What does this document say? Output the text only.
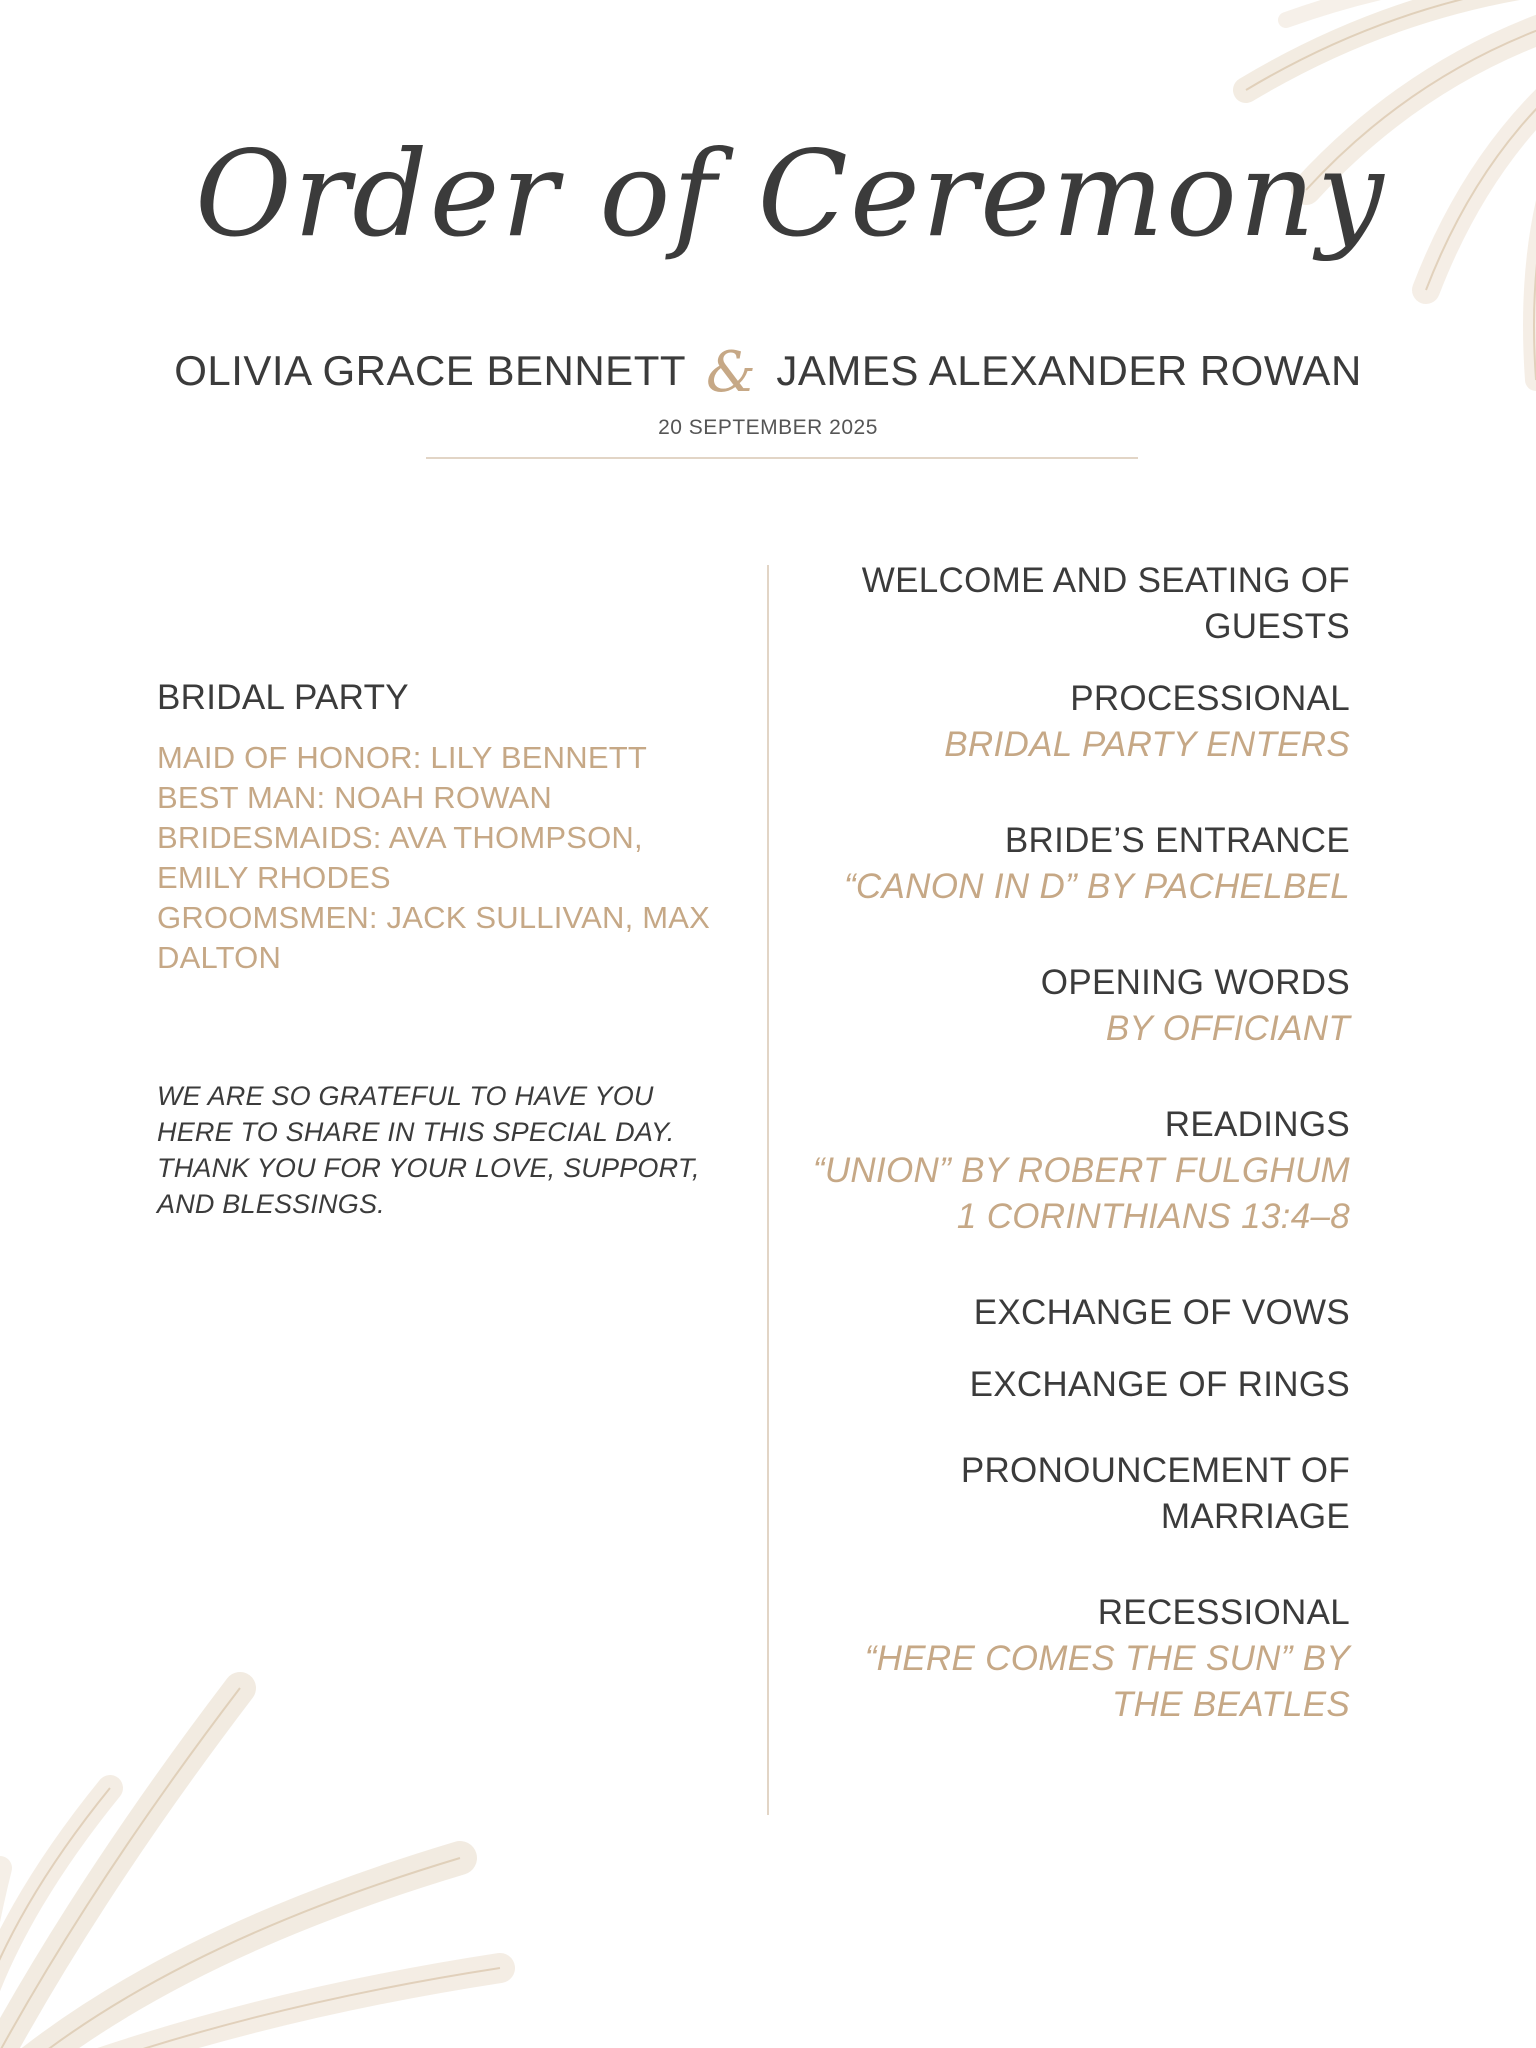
Order of Ceremony
OLIVIA GRACE BENNETT & JAMES ALEXANDER ROWAN
20 SEPTEMBER 2025
BRIDAL PARTY
MAID OF HONOR: LILY BENNETT
BEST MAN: NOAH ROWAN
BRIDESMAIDS: AVA THOMPSON,
EMILY RHODES
GROOMSMEN: JACK SULLIVAN, MAX
DALTON
WE ARE SO GRATEFUL TO HAVE YOU
HERE TO SHARE IN THIS SPECIAL DAY.
THANK YOU FOR YOUR LOVE, SUPPORT,
AND BLESSINGS.
WELCOME AND SEATING OF
GUESTS
PROCESSIONAL
BRIDAL PARTY ENTERS
BRIDE’S ENTRANCE
“CANON IN D” BY PACHELBEL
OPENING WORDS
BY OFFICIANT
READINGS
“UNION” BY ROBERT FULGHUM
1 CORINTHIANS 13:4–8
EXCHANGE OF VOWS
EXCHANGE OF RINGS
PRONOUNCEMENT OF
MARRIAGE
RECESSIONAL
“HERE COMES THE SUN” BY
THE BEATLES
